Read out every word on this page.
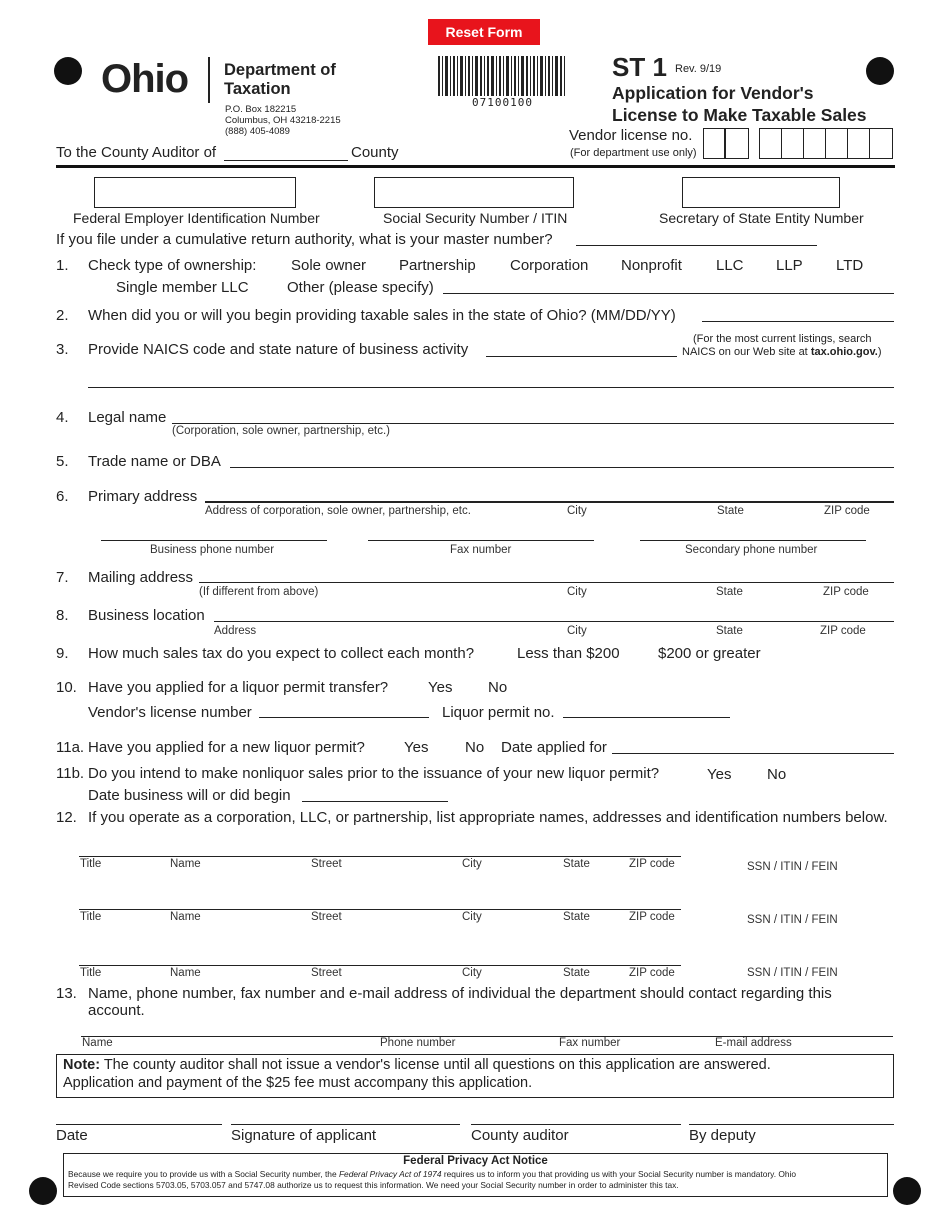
Reset Form
Ohio Department of
Taxation
P.O. Box 182215
Columbus, OH 43218-2215
(888) 405-4089
07100100
ST 1 Rev. 9/19
Application for Vendor's
License to Make Taxable Sales
Vendor license no.
(For department use only)
To the County Auditor of	County
Federal Employer Identification Number	Social Security Number / ITIN	Secretary of State Entity Number
If you file under a cumulative return authority, what is your master number?
1. Check type of ownership: Sole owner Partnership Corporation Nonprofit LLC LLP LTD
Single member LLC	Other (please specify)
2. When did you or will you begin providing taxable sales in the state of Ohio? (MM/DD/YY)
3. Provide NAICS code and state nature of business activity
(For the most current listings, search
NAICS on our Web site at tax.ohio.gov.)
4. Legal name
(Corporation, sole owner, partnership, etc.)
5. Trade name or DBA
6. Primary address
Address of corporation, sole owner, partnership, etc.	City	State	ZIP code
Business phone number	Fax number	Secondary phone number
7. Mailing address
(If different from above)	City	State	ZIP code
8. Business location
Address	City	State	ZIP code
9. How much sales tax do you expect to collect each month?	Less than $200	$200 or greater
10. Have you applied for a liquor permit transfer?	Yes No
Vendor's license number	Liquor permit no.
11a. Have you applied for a new liquor permit?	Yes No Date applied for
11b. Do you intend to make nonliquor sales prior to the issuance of your new liquor permit?	Yes No
Date business will or did begin
12. If you operate as a corporation, LLC, or partnership, list appropriate names, addresses and identification numbers below.
Title	Name	Street	City	State	ZIP code	SSN / ITIN / FEIN
Title	Name	Street	City	State	ZIP code	SSN / ITIN / FEIN
Title	Name	Street	City	State	ZIP code	SSN / ITIN / FEIN
13. Name, phone number, fax number and e-mail address of individual the department should contact regarding this
account.
Name	Phone number	Fax number	E-mail address
Note: The county auditor shall not issue a vendor's license until all questions on this application are answered.
Application and payment of the $25 fee must accompany this application.
Date	Signature of applicant	County auditor	By deputy
Federal Privacy Act Notice
Because we require you to provide us with a Social Security number, the Federal Privacy Act of 1974 requires us to inform you that providing us with your Social Security number is mandatory. Ohio
Revised Code sections 5703.05, 5703.057 and 5747.08 authorize us to request this information. We need your Social Security number in order to administer this tax.
